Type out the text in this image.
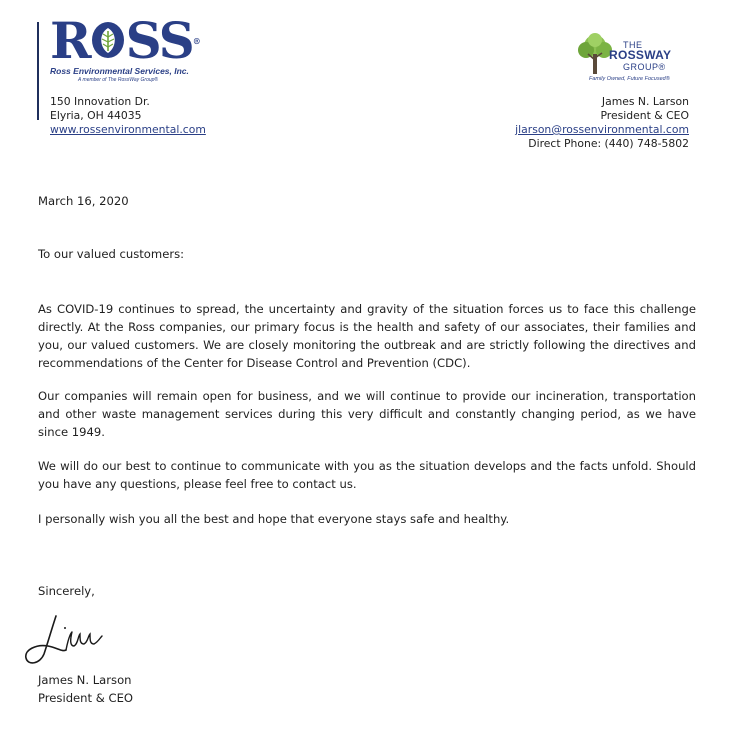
R SS®
Ross Environmental Services, Inc.
A member of The RossWay Group®
150 Innovation Dr.
Elyria, OH 44035
www.rossenvironmental.com
THE
ROSSWAY
GROUP®
Family Owned, Future Focused®
James N. Larson
President & CEO
jlarson@rossenvironmental.com
Direct Phone: (440) 748-5802

March 16, 2020

To our valued customers:

As COVID-19 continues to spread, the uncertainty and gravity of the situation forces us to face this challenge directly. At the Ross companies, our primary focus is the health and safety of our associates, their families and you, our valued customers. We are closely monitoring the outbreak and are strictly following the directives and recommendations of the Center for Disease Control and Prevention (CDC).

Our companies will remain open for business, and we will continue to provide our incineration, transportation and other waste management services during this very difficult and constantly changing period, as we have since 1949.

We will do our best to continue to communicate with you as the situation develops and the facts unfold. Should you have any questions, please feel free to contact us.

I personally wish you all the best and hope that everyone stays safe and healthy.

Sincerely,

James N. Larson

President & CEO
